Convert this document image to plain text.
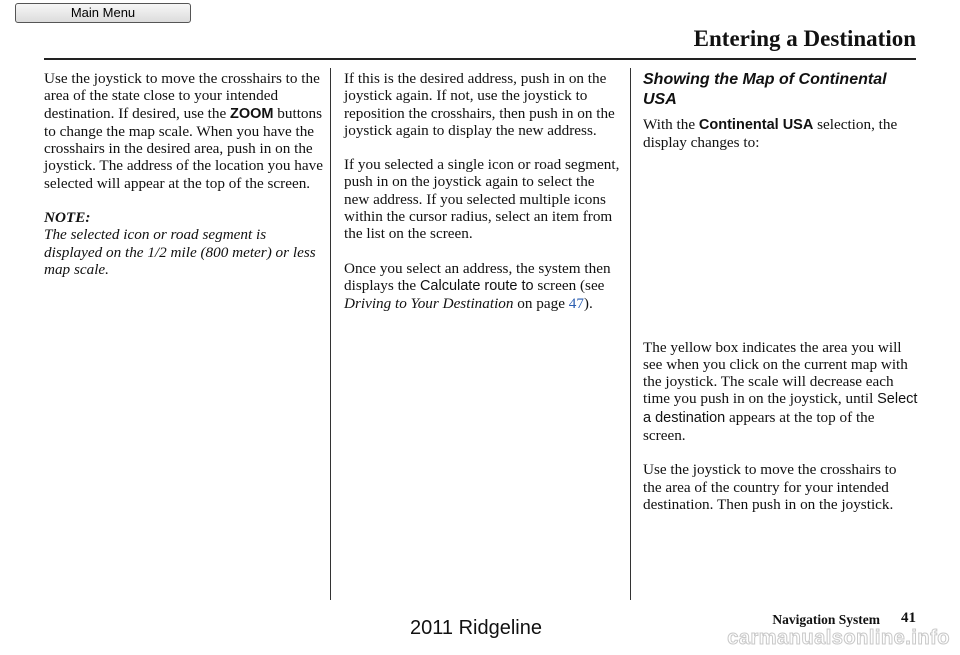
Main Menu
Entering a Destination

Use the joystick to move the crosshairs to the area of the state close to your intended destination. If desired, use the ZOOM buttons to change the map scale. When you have the crosshairs in the desired area, push in on the joystick. The address of the location you have selected will appear at the top of the screen.

NOTE:

The selected icon or road segment is displayed on the 1/2 mile (800 meter) or less map scale.

If this is the desired address, push in on the joystick again. If not, use the joystick to reposition the crosshairs, then push in on the joystick again to display the new address.

If you selected a single icon or road segment, push in on the joystick again to select the new address. If you selected multiple icons within the cursor radius, select an item from the list on the screen.

Once you select an address, the system then displays the Calculate route to screen (see Driving to Your Destination on page 47).

Showing the Map of Continental USA

With the Continental USA selection, the display changes to:

The yellow box indicates the area you will see when you click on the current map with the joystick. The scale will decrease each time you push in on the joystick, until Select a destination appears at the top of the screen.

Use the joystick to move the crosshairs to the area of the country for your intended destination. Then push in on the joystick.

Navigation System 41
2011 Ridgeline	carmanualsonline.info
